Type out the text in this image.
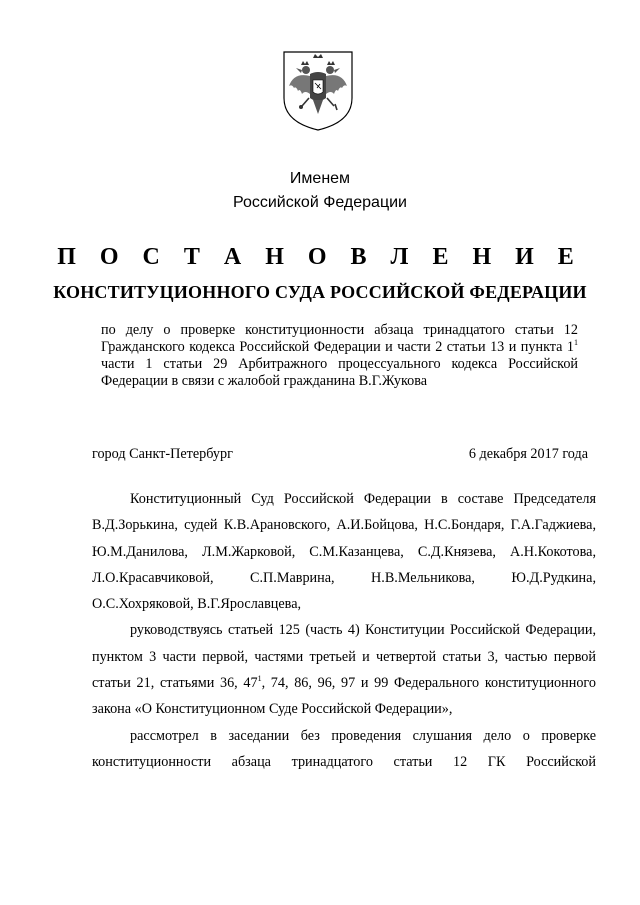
Именем
Российской Федерации
П О С Т А Н О В Л Е Н И Е
КОНСТИТУЦИОННОГО СУДА РОССИЙСКОЙ ФЕДЕРАЦИИ
по делу о проверке конституционности абзаца тринадцатого статьи 12 Гражданского кодекса Российской Федерации и части 2 статьи 13 и пункта $1^1$ части 1 статьи 29 Арбитражного процессуального кодекса Российской Федерации в связи с жалобой гражданина В.Г.Жукова
город Санкт-Петербург	6 декабря 2017 года

Конституционный Суд Российской Федерации в составе Председателя В.Д.Зорькина, судей К.В.Арановского, А.И.Бойцова, Н.С.Бондаря, Г.А.Гаджиева, Ю.М.Данилова, Л.М.Жарковой, С.М.Казанцева, С.Д.Князева, А.Н.Кокотова, Л.О.Красавчиковой, С.П.Маврина, Н.В.Мельникова, Ю.Д.Рудкина, О.С.Хохряковой, В.Г.Ярославцева,

руководствуясь статьей 125 (часть 4) Конституции Российской Федерации, пунктом 3 части первой, частями третьей и четвертой статьи 3, частью первой статьи 21, статьями 36, $47^1$, 74, 86, 96, 97 и 99 Федерального конституционного закона «О Конституционном Суде Российской Федерации»,

рассмотрел в заседании без проведения слушания дело о проверке конституционности абзаца тринадцатого статьи 12 ГК Российской
